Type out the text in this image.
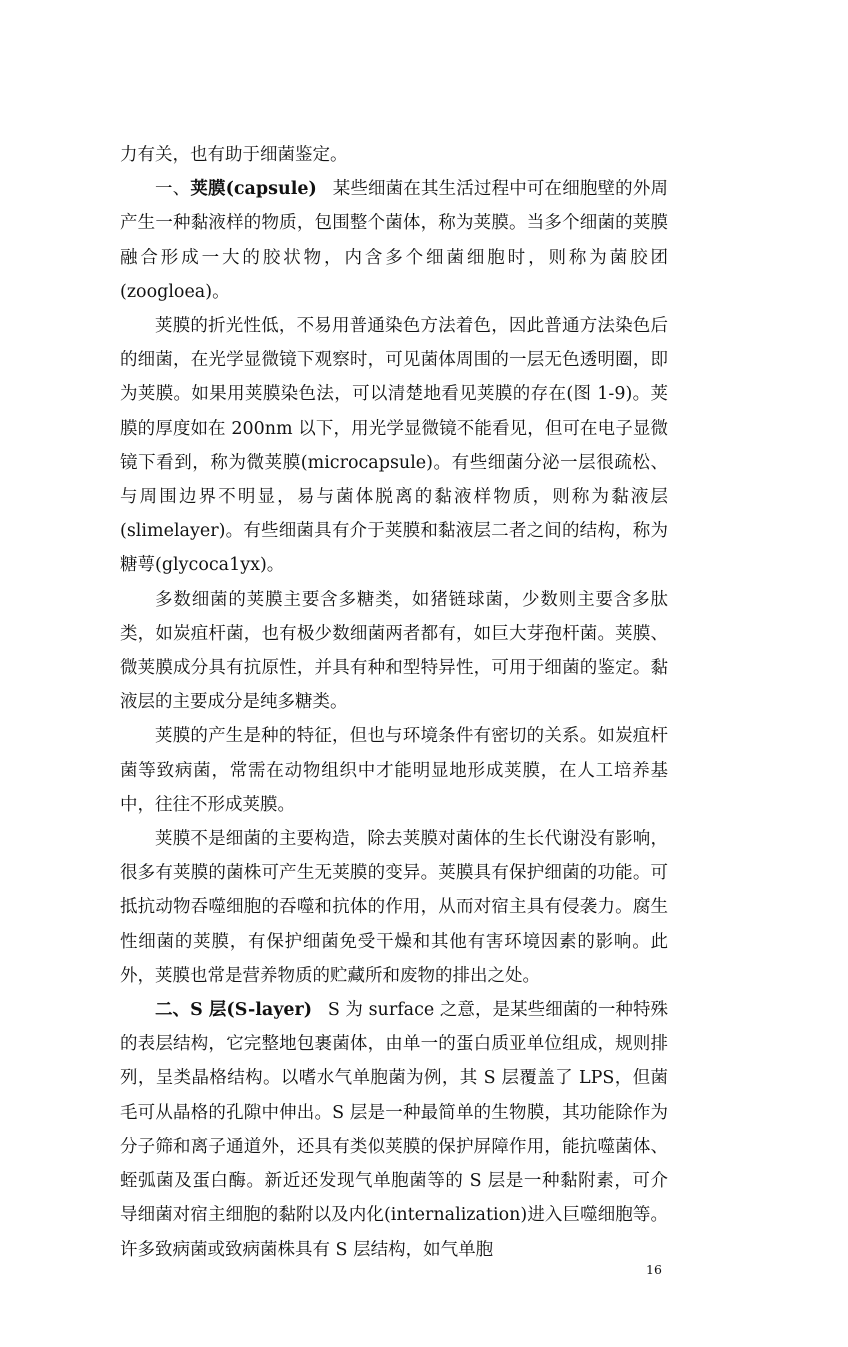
力有关，也有助于细菌鉴定。

一、荚膜(capsule) 某些细菌在其生活过程中可在细胞壁的外周产生一种黏液样的物质，包围整个菌体，称为荚膜。当多个细菌的荚膜融合形成一大的胶状物，内含多个细菌细胞时，则称为菌胶团(zoogloea)。

荚膜的折光性低，不易用普通染色方法着色，因此普通方法染色后的细菌，在光学显微镜下观察时，可见菌体周围的一层无色透明圈，即为荚膜。如果用荚膜染色法，可以清楚地看见荚膜的存在(图 1-9)。荚膜的厚度如在 200nm 以下，用光学显微镜不能看见，但可在电子显微镜下看到，称为微荚膜(microcapsule)。有些细菌分泌一层很疏松、与周围边界不明显，易与菌体脱离的黏液样物质，则称为黏液层(slimelayer)。有些细菌具有介于荚膜和黏液层二者之间的结构，称为糖萼(glycoca1yx)。

多数细菌的荚膜主要含多糖类，如猪链球菌，少数则主要含多肽类，如炭疽杆菌，也有极少数细菌两者都有，如巨大芽孢杆菌。荚膜、微荚膜成分具有抗原性，并具有种和型特异性，可用于细菌的鉴定。黏液层的主要成分是纯多糖类。

荚膜的产生是种的特征，但也与环境条件有密切的关系。如炭疽杆菌等致病菌，常需在动物组织中才能明显地形成荚膜，在人工培养基中，往往不形成荚膜。

荚膜不是细菌的主要构造，除去荚膜对菌体的生长代谢没有影响，很多有荚膜的菌株可产生无荚膜的变异。荚膜具有保护细菌的功能。可抵抗动物吞噬细胞的吞噬和抗体的作用，从而对宿主具有侵袭力。腐生性细菌的荚膜，有保护细菌免受干燥和其他有害环境因素的影响。此外，荚膜也常是营养物质的贮藏所和废物的排出之处。

二、S 层(S-layer) S 为 surface 之意，是某些细菌的一种特殊的表层结构，它完整地包裹菌体，由单一的蛋白质亚单位组成，规则排列，呈类晶格结构。以嗜水气单胞菌为例，其 S 层覆盖了 LPS，但菌毛可从晶格的孔隙中伸出。S 层是一种最简单的生物膜，其功能除作为分子筛和离子通道外，还具有类似荚膜的保护屏障作用，能抗噬菌体、蛭弧菌及蛋白酶。新近还发现气单胞菌等的 S 层是一种黏附素，可介导细菌对宿主细胞的黏附以及内化(internalization)进入巨噬细胞等。许多致病菌或致病菌株具有 S 层结构，如气单胞

16
